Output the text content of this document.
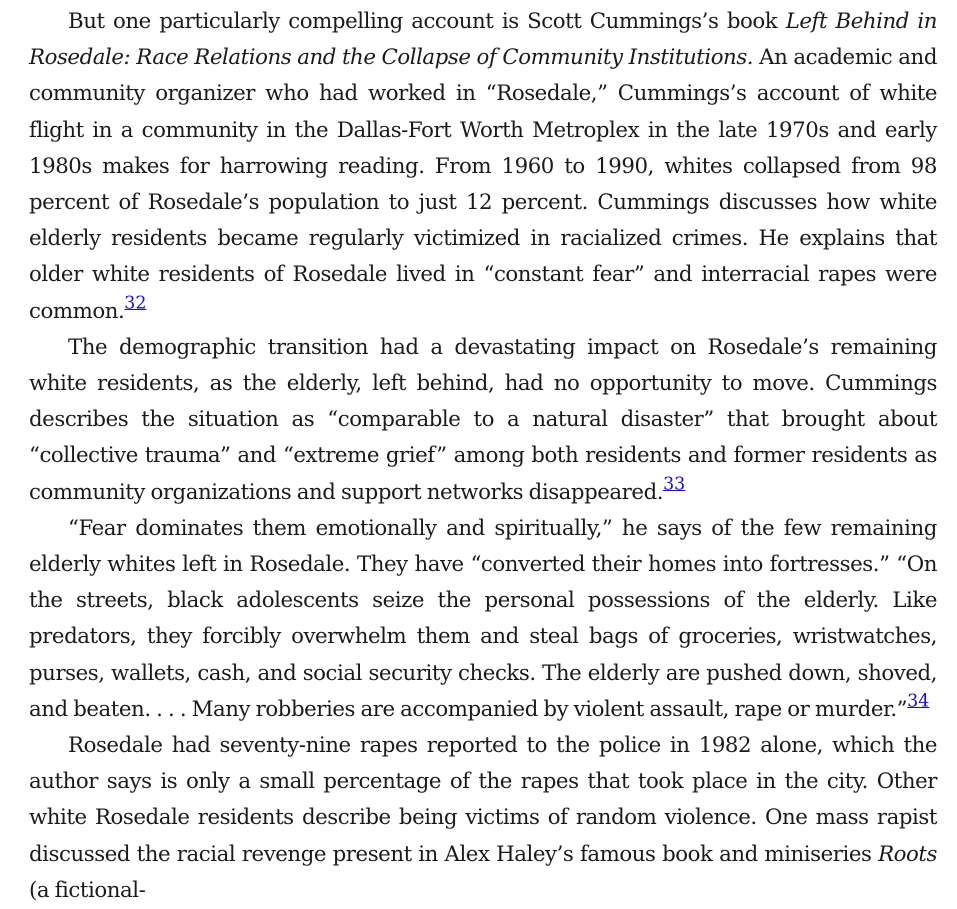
But one particularly compelling account is Scott Cummings’s book Left Behind in Rosedale: Race Relations and the Collapse of Community Institutions. An academic and community organizer who had worked in “Rosedale,” Cummings’s account of white flight in a community in the Dallas-Fort Worth Metroplex in the late 1970s and early 1980s makes for harrowing reading. From 1960 to 1990, whites collapsed from 98 percent of Rosedale’s population to just 12 percent. Cummings discusses how white elderly residents became regularly victimized in racialized crimes. He explains that older white residents of Rosedale lived in “constant fear” and interracial rapes were common.$^{32}$

The demographic transition had a devastating impact on Rosedale’s remaining white residents, as the elderly, left behind, had no opportunity to move. Cummings describes the situation as “comparable to a natural disaster” that brought about “collective trauma” and “extreme grief” among both residents and former residents as community organizations and support networks disappeared.$^{33}$

“Fear dominates them emotionally and spiritually,” he says of the few remaining elderly whites left in Rosedale. They have “converted their homes into fortresses.” “On the streets, black adolescents seize the personal possessions of the elderly. Like predators, they forcibly overwhelm them and steal bags of groceries, wristwatches, purses, wallets, cash, and social security checks. The elderly are pushed down, shoved, and beaten. . . . Many robberies are accompanied by violent assault, rape or murder.”$^{34}$

Rosedale had seventy-nine rapes reported to the police in 1982 alone, which the author says is only a small percentage of the rapes that took place in the city. Other white Rosedale residents describe being victims of random violence. One mass rapist discussed the racial revenge present in Alex Haley’s famous book and miniseries Roots (a fictional-
